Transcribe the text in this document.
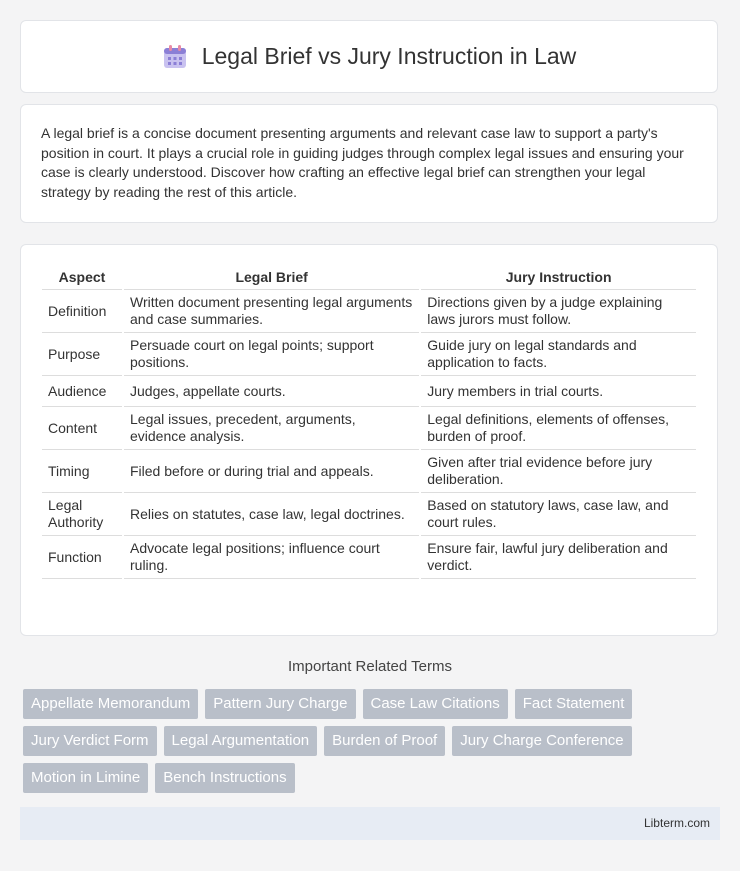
Legal Brief vs Jury Instruction in Law

A legal brief is a concise document presenting arguments and relevant case law to support a party's position in court. It plays a crucial role in guiding judges through complex legal issues and ensuring your case is clearly understood. Discover how crafting an effective legal brief can strengthen your legal strategy by reading the rest of this article.

Aspect	Legal Brief	Jury Instruction
Definition	Written document presenting legal arguments and case summaries.	Directions given by a judge explaining laws jurors must follow.
Purpose	Persuade court on legal points; support positions.	Guide jury on legal standards and application to facts.
Audience	Judges, appellate courts.	Jury members in trial courts.
Content	Legal issues, precedent, arguments, evidence analysis.	Legal definitions, elements of offenses, burden of proof.
Timing	Filed before or during trial and appeals.	Given after trial evidence before jury deliberation.
Legal Authority	Relies on statutes, case law, legal doctrines.	Based on statutory laws, case law, and court rules.
Function	Advocate legal positions; influence court ruling.	Ensure fair, lawful jury deliberation and verdict.
Important Related Terms
Appellate Memorandum	Pattern Jury Charge	Case Law Citations	Fact Statement
Jury Verdict Form	Legal Argumentation	Burden of Proof	Jury Charge Conference
Motion in Limine	Bench Instructions
Libterm.com
